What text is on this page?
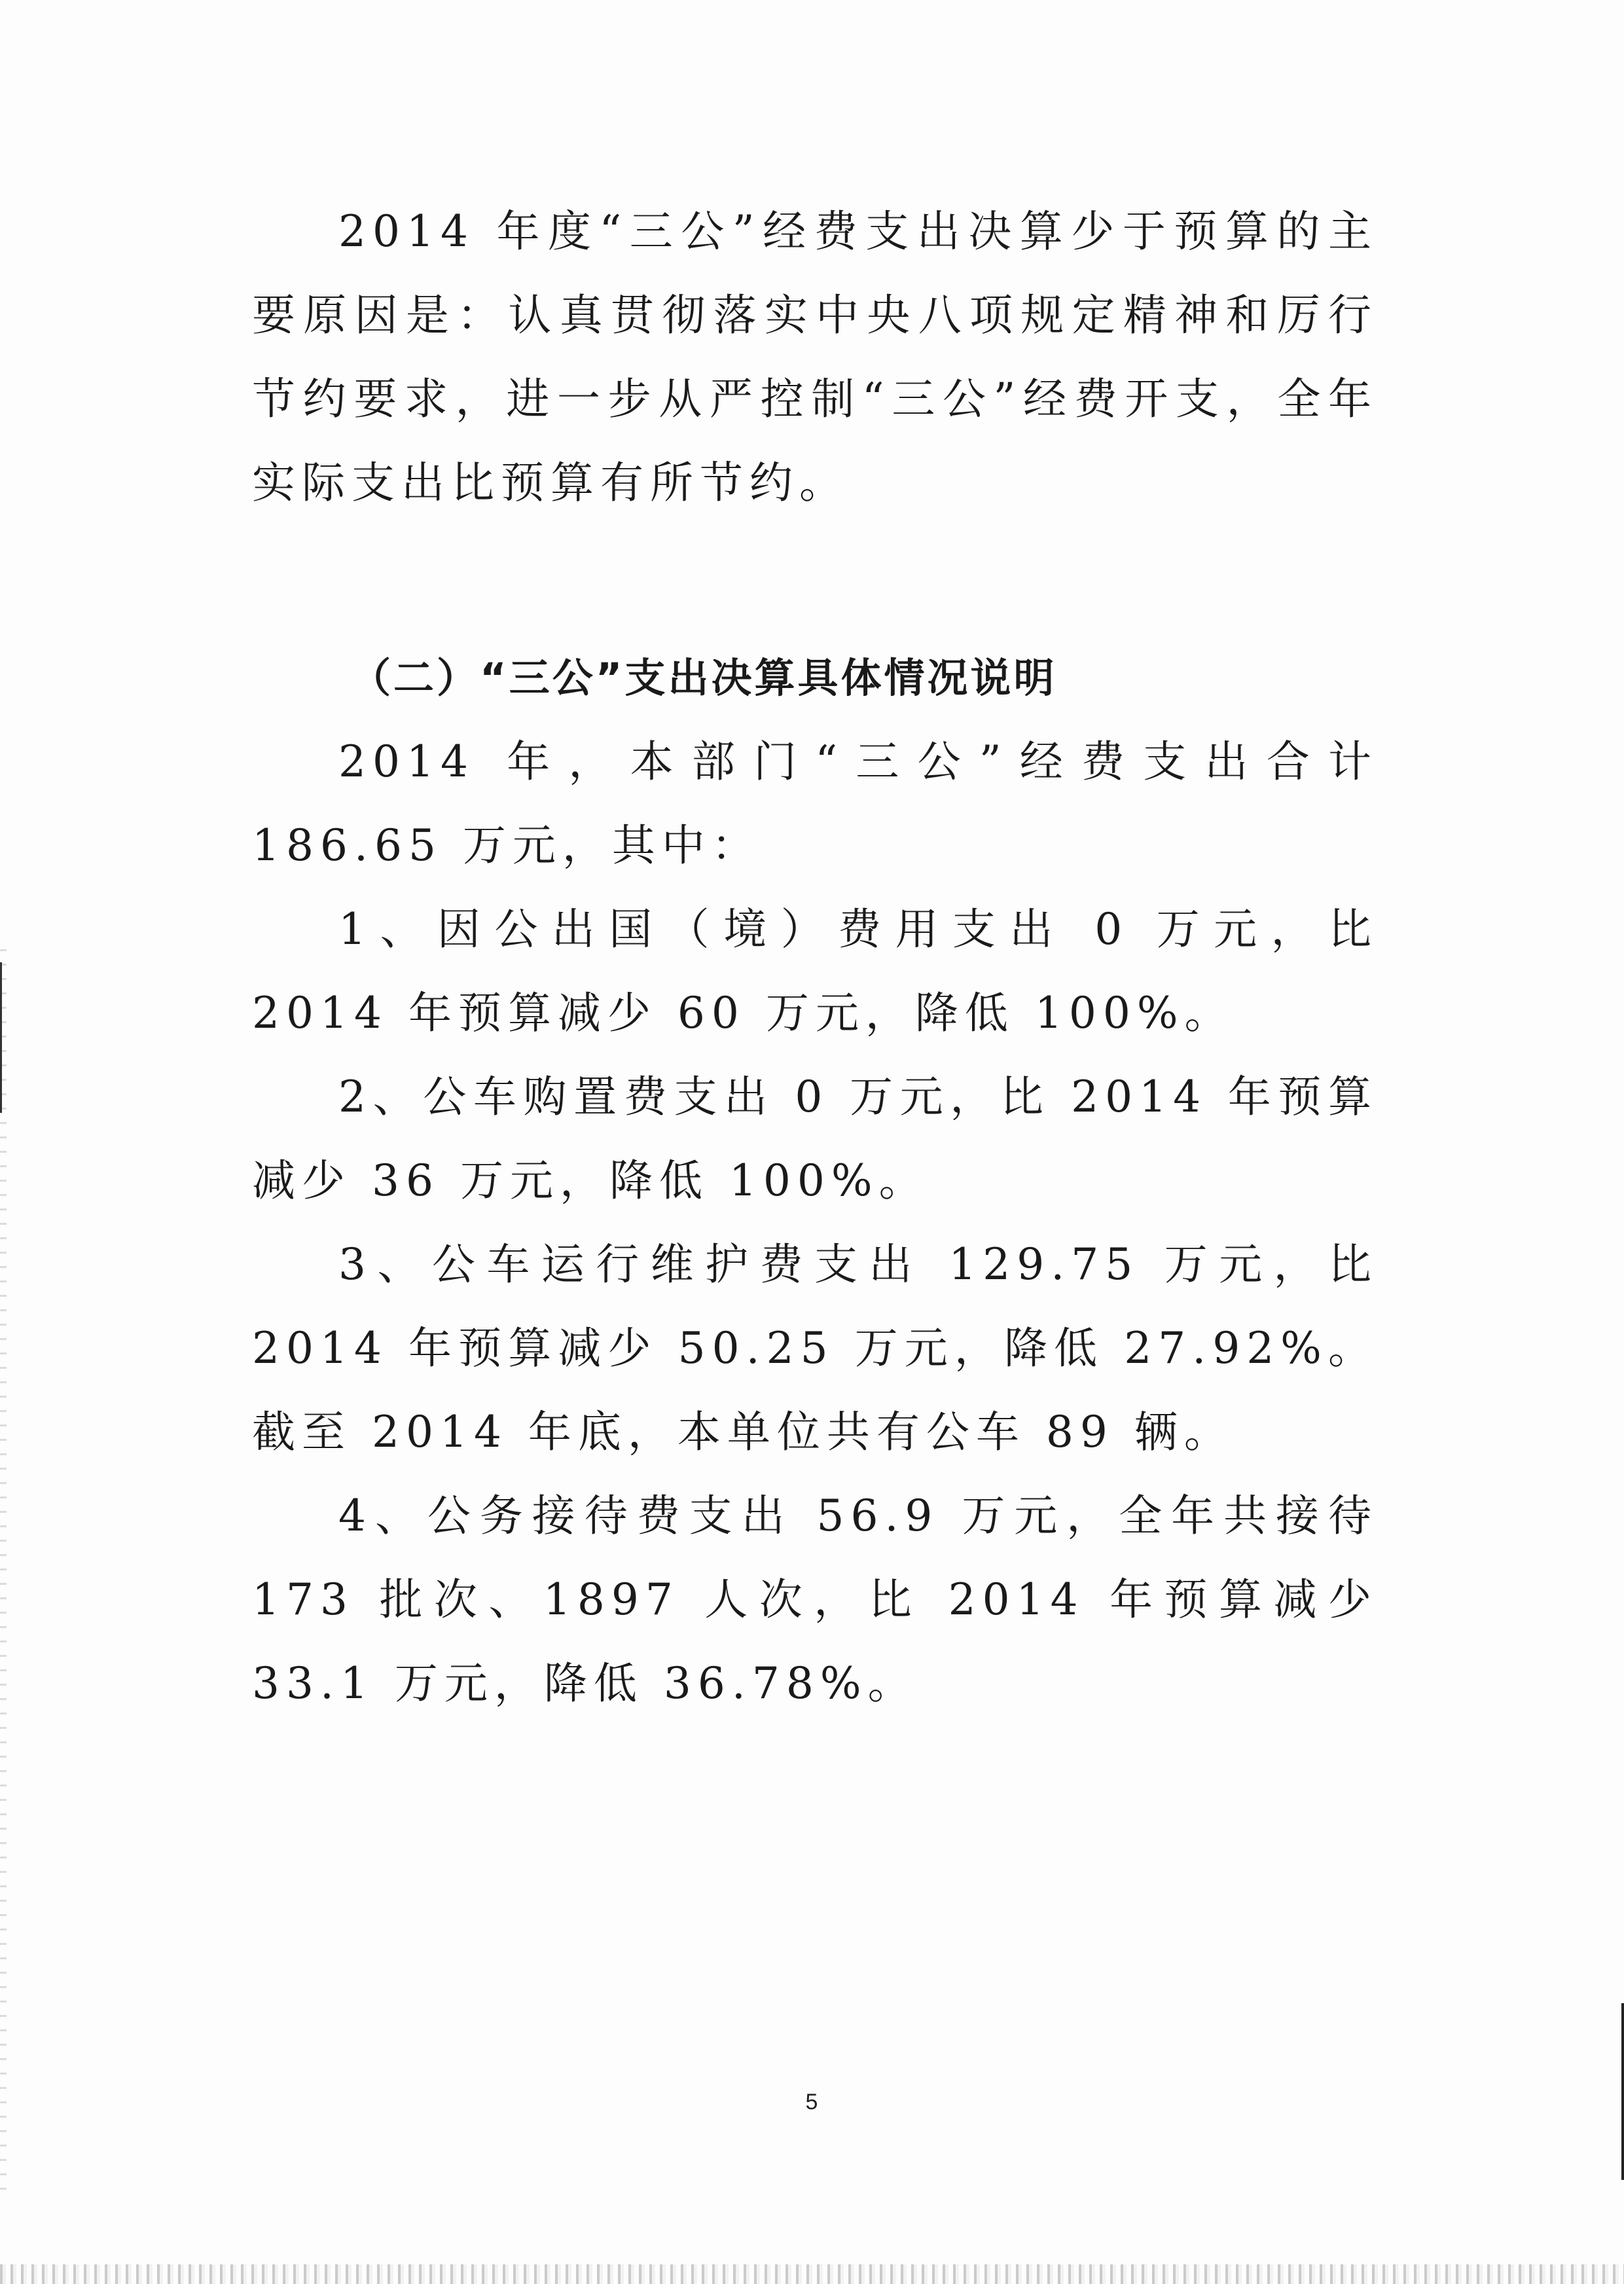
2014 年度“三公”经费支出决算少于预算的主要原因是：认真贯彻落实中央八项规定精神和厉行节约要求，进一步从严控制“三公”经费开支，全年实际支出比预算有所节约。

（二）“三公”支出决算具体情况说明

2014 年，本部门“三公”经费支出合计 186.65 万元，其中：

1、因公出国（境）费用支出 0 万元，比 2014 年预算减少 60 万元，降低 100%。

2、公车购置费支出 0 万元，比 2014 年预算减少 36 万元，降低 100%。

3、公车运行维护费支出 129.75 万元，比 2014 年预算减少 50.25 万元，降低 27.92%。截至 2014 年底，本单位共有公车 89 辆。

4、公务接待费支出 56.9 万元，全年共接待 173 批次、1897 人次，比 2014 年预算减少 33.1 万元，降低 36.78%。

5
